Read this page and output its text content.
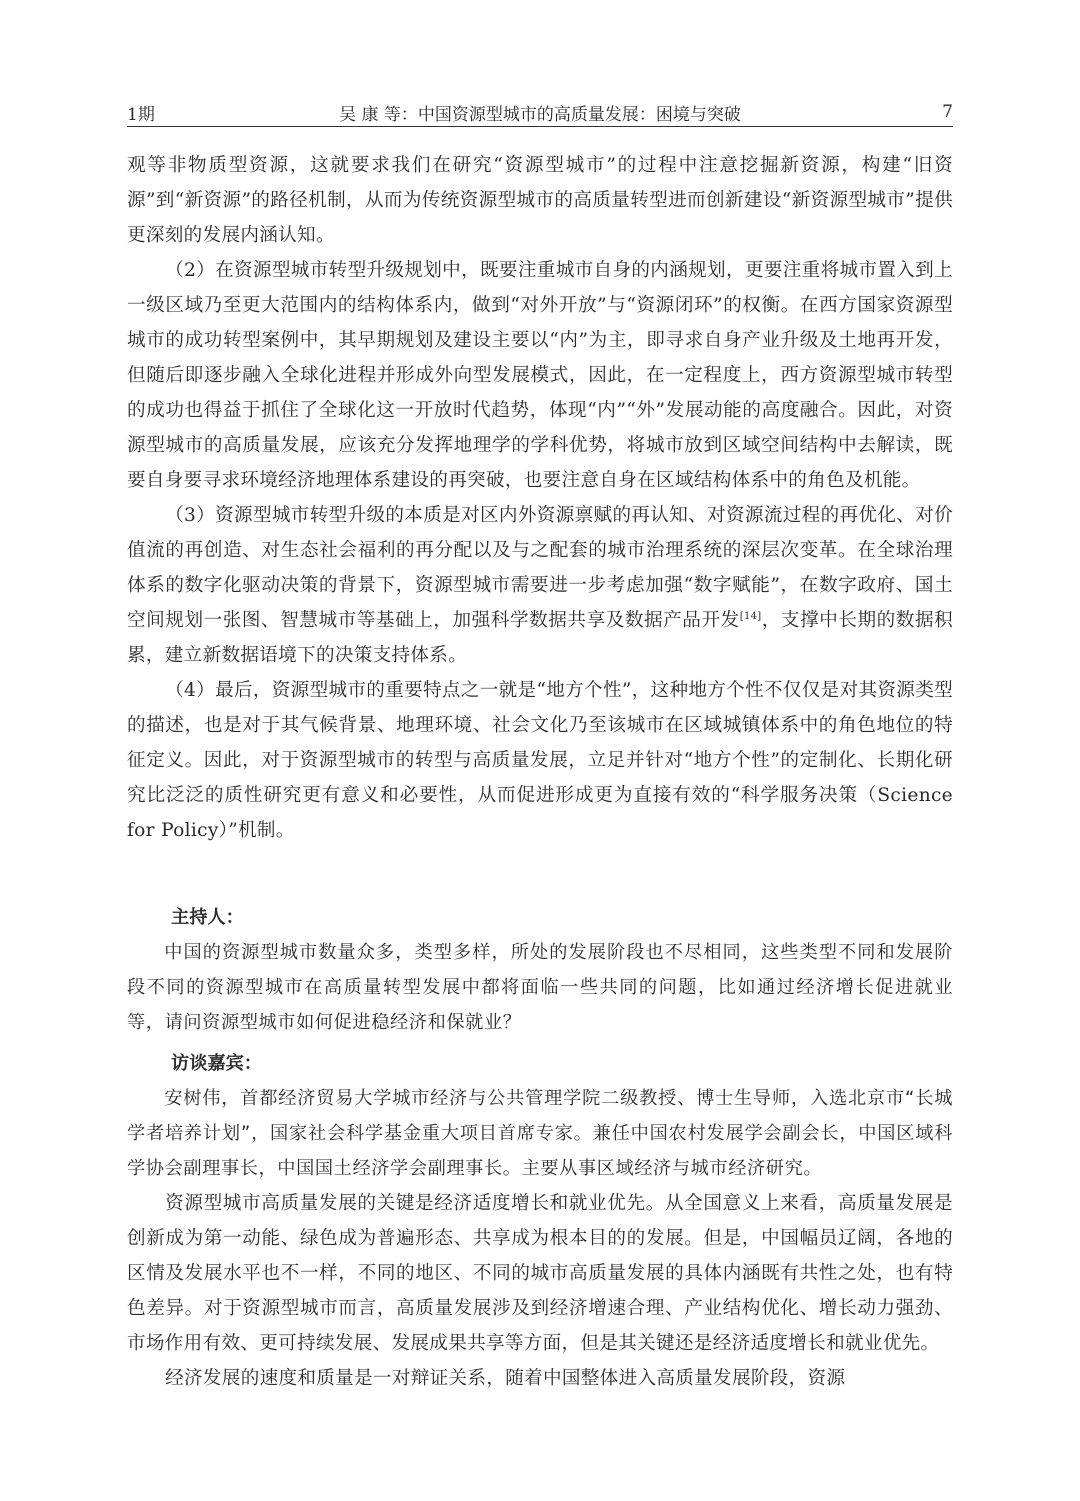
1期	吴 康 等：中国资源型城市的高质量发展：困境与突破	7

观等非物质型资源，这就要求我们在研究“资源型城市”的过程中注意挖掘新资源，构建“旧资源”到“新资源”的路径机制，从而为传统资源型城市的高质量转型进而创新建设“新资源型城市”提供更深刻的发展内涵认知。

（2）在资源型城市转型升级规划中，既要注重城市自身的内涵规划，更要注重将城市置入到上一级区域乃至更大范围内的结构体系内，做到“对外开放”与“资源闭环”的权衡。在西方国家资源型城市的成功转型案例中，其早期规划及建设主要以“内”为主，即寻求自身产业升级及土地再开发，但随后即逐步融入全球化进程并形成外向型发展模式，因此，在一定程度上，西方资源型城市转型的成功也得益于抓住了全球化这一开放时代趋势，体现“内”“外”发展动能的高度融合。因此，对资源型城市的高质量发展，应该充分发挥地理学的学科优势，将城市放到区域空间结构中去解读，既要自身要寻求环境经济地理体系建设的再突破，也要注意自身在区域结构体系中的角色及机能。

（3）资源型城市转型升级的本质是对区内外资源禀赋的再认知、对资源流过程的再优化、对价值流的再创造、对生态社会福利的再分配以及与之配套的城市治理系统的深层次变革。在全球治理体系的数字化驱动决策的背景下，资源型城市需要进一步考虑加强“数字赋能”，在数字政府、国土空间规划一张图、智慧城市等基础上，加强科学数据共享及数据产品开发[14]，支撑中长期的数据积累，建立新数据语境下的决策支持体系。

（4）最后，资源型城市的重要特点之一就是“地方个性”，这种地方个性不仅仅是对其资源类型的描述，也是对于其气候背景、地理环境、社会文化乃至该城市在区域城镇体系中的角色地位的特征定义。因此，对于资源型城市的转型与高质量发展，立足并针对“地方个性”的定制化、长期化研究比泛泛的质性研究更有意义和必要性，从而促进形成更为直接有效的“科学服务决策（Science for Policy）”机制。

主持人：

中国的资源型城市数量众多，类型多样，所处的发展阶段也不尽相同，这些类型不同和发展阶段不同的资源型城市在高质量转型发展中都将面临一些共同的问题，比如通过经济增长促进就业等，请问资源型城市如何促进稳经济和保就业？

访谈嘉宾：

安树伟，首都经济贸易大学城市经济与公共管理学院二级教授、博士生导师，入选北京市“长城学者培养计划”，国家社会科学基金重大项目首席专家。兼任中国农村发展学会副会长，中国区域科学协会副理事长，中国国土经济学会副理事长。主要从事区域经济与城市经济研究。

资源型城市高质量发展的关键是经济适度增长和就业优先。从全国意义上来看，高质量发展是创新成为第一动能、绿色成为普遍形态、共享成为根本目的的发展。但是，中国幅员辽阔，各地的区情及发展水平也不一样，不同的地区、不同的城市高质量发展的具体内涵既有共性之处，也有特色差异。对于资源型城市而言，高质量发展涉及到经济增速合理、产业结构优化、增长动力强劲、市场作用有效、更可持续发展、发展成果共享等方面，但是其关键还是经济适度增长和就业优先。

经济发展的速度和质量是一对辩证关系，随着中国整体进入高质量发展阶段，资源
